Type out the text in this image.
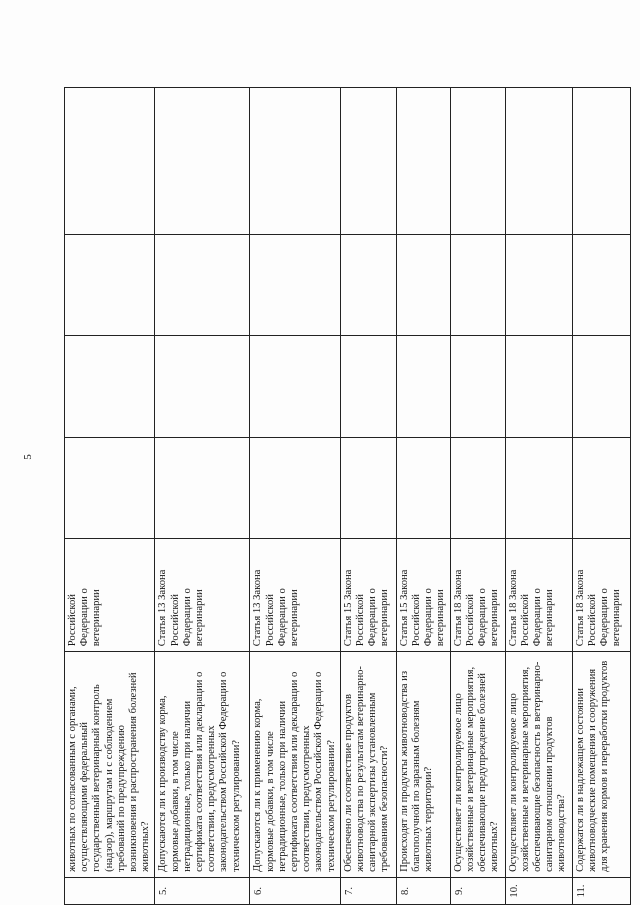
5
	животных по согласованным с органами, осуществляющими федеральный государственный ветеринарный контроль (надзор), маршрутам и с соблюдением требований по предупреждению возникновения и распространения болезней животных?	Российской Федерации о ветеринарии				
5.	Допускаются ли к производству корма, кормовые добавки, в том числе нетрадиционные, только при наличии сертификата соответствия или декларации о соответствии, предусмотренных законодательством Российской Федерации о техническом регулировании?	Статья 13 Закона Российской Федерации о ветеринарии				
6.	Допускаются ли к применению корма, кормовые добавки, в том числе нетрадиционные, только при наличии сертификата соответствия или декларации о соответствии, предусмотренных законодательством Российской Федерации о техническом регулировании?	Статья 13 Закона Российской Федерации о ветеринарии				
7.	Обеспечено ли соответствие продуктов животноводства по результатам ветеринарно-санитарной экспертизы установленным требованиям безопасности?	Статья 15 Закона Российской Федерации о ветеринарии				
8.	Происходят ли продукты животноводства из благополучной по заразным болезням животных территории?	Статья 15 Закона Российской Федерации о ветеринарии				
9.	Осуществляет ли контролируемое лицо хозяйственные и ветеринарные мероприятия, обеспечивающие предупреждение болезней животных?	Статья 18 Закона Российской Федерации о ветеринарии				
10.	Осуществляет ли контролируемое лицо хозяйственные и ветеринарные мероприятия, обеспечивающие безопасность в ветеринарно-санитарном отношении продуктов животноводства?	Статья 18 Закона Российской Федерации о ветеринарии				
11.	Содержатся ли в надлежащем состоянии животноводческие помещения и сооружения для хранения кормов и переработки продуктов	Статья 18 Закона Российской Федерации о ветеринарии				
